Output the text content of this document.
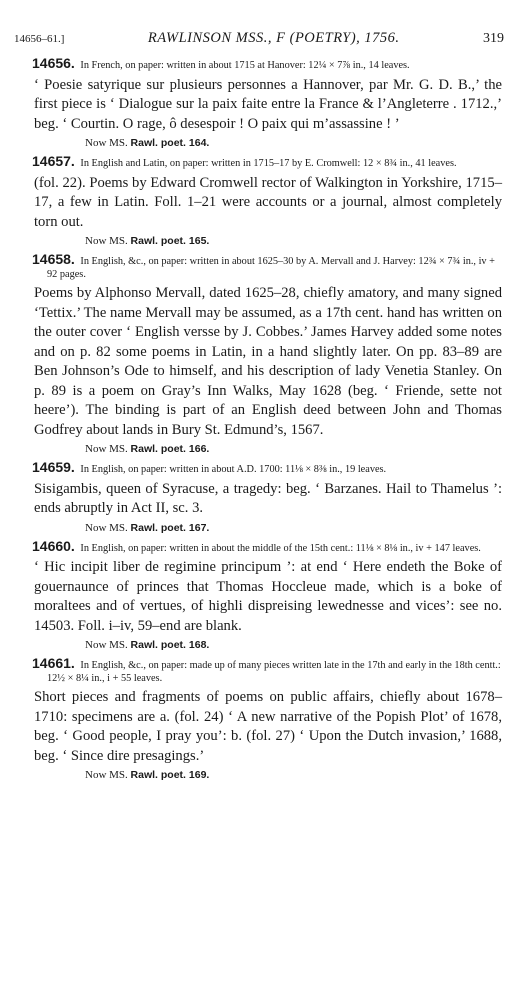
14656–61.]	RAWLINSON MSS., F (POETRY), 1756.	319
14656. In French, on paper: written in about 1715 at Hanover: 12¼ × 7⅞ in., 14 leaves.
‘ Poesie satyrique sur plusieurs personnes a Hannover, par Mr. G. D. B.,’ the first piece is ‘ Dialogue sur la paix faite entre la France & l’Angleterre . 1712.,’ beg. ‘ Courtin. O rage, ô desespoir ! O paix qui m’assassine ! ’
Now MS. Rawl. poet. 164.
14657. In English and Latin, on paper: written in 1715–17 by E. Cromwell: 12 × 8¾ in., 41 leaves.
(fol. 22). Poems by Edward Cromwell rector of Walkington in Yorkshire, 1715–17, a few in Latin. Foll. 1–21 were accounts or a journal, almost completely torn out.
Now MS. Rawl. poet. 165.
14658. In English, &c., on paper: written in about 1625–30 by A. Mervall and J. Harvey: 12¾ × 7¾ in., iv + 92 pages.
Poems by Alphonso Mervall, dated 1625–28, chiefly amatory, and many signed ‘Tettix.’ The name Mervall may be assumed, as a 17th cent. hand has written on the outer cover ‘ English versse by J. Cobbes.’ James Harvey added some notes and on p. 82 some poems in Latin, in a hand slightly later. On pp. 83–89 are Ben Johnson’s Ode to himself, and his description of lady Venetia Stanley. On p. 89 is a poem on Gray’s Inn Walks, May 1628 (beg. ‘ Friende, sette not heere’). The binding is part of an English deed between John and Thomas Godfrey about lands in Bury St. Edmund’s, 1567.
Now MS. Rawl. poet. 166.
14659. In English, on paper: written in about A.D. 1700: 11⅛ × 8⅜ in., 19 leaves.
Sisigambis, queen of Syracuse, a tragedy: beg. ‘ Barzanes. Hail to Thamelus ’: ends abruptly in Act II, sc. 3.
Now MS. Rawl. poet. 167.
14660. In English, on paper: written in about the middle of the 15th cent.: 11⅛ × 8⅛ in., iv + 147 leaves.
‘ Hic incipit liber de regimine principum ’: at end ‘ Here endeth the Boke of gouernaunce of princes that Thomas Hoccleue made, which is a boke of moraltees and of vertues, of highli dispreising lewednesse and vices’: see no. 14503. Foll. i–iv, 59–end are blank.
Now MS. Rawl. poet. 168.
14661. In English, &c., on paper: made up of many pieces written late in the 17th and early in the 18th centt.: 12½ × 8¼ in., i + 55 leaves.
Short pieces and fragments of poems on public affairs, chiefly about 1678–1710: specimens are a. (fol. 24) ‘ A new narrative of the Popish Plot’ of 1678, beg. ‘ Good people, I pray you’: b. (fol. 27) ‘ Upon the Dutch invasion,’ 1688, beg. ‘ Since dire presagings.’
Now MS. Rawl. poet. 169.
